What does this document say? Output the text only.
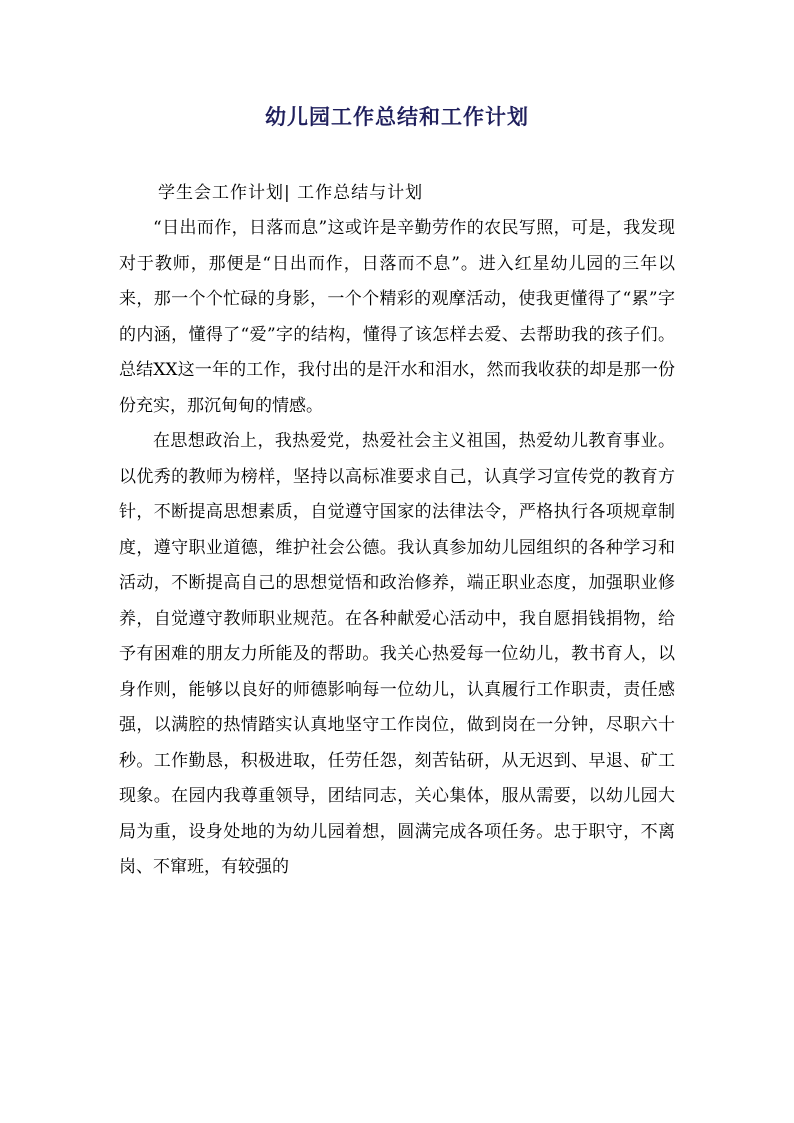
幼儿园工作总结和工作计划
学生会工作计划| 工作总结与计划

“日出而作，日落而息”这或许是辛勤劳作的农民写照，可是，我发现对于教师，那便是“日出而作，日落而不息”。进入红星幼儿园的三年以来，那一个个忙碌的身影，一个个精彩的观摩活动，使我更懂得了“累”字的内涵，懂得了“爱”字的结构，懂得了该怎样去爱、去帮助我的孩子们。总结XX这一年的工作，我付出的是汗水和泪水，然而我收获的却是那一份份充实，那沉甸甸的情感。

在思想政治上，我热爱党，热爱社会主义祖国，热爱幼儿教育事业。以优秀的教师为榜样，坚持以高标准要求自己，认真学习宣传党的教育方针，不断提高思想素质，自觉遵守国家的法律法令，严格执行各项规章制度，遵守职业道德，维护社会公德。我认真参加幼儿园组织的各种学习和活动，不断提高自己的思想觉悟和政治修养，端正职业态度，加强职业修养，自觉遵守教师职业规范。在各种献爱心活动中，我自愿捐钱捐物，给予有困难的朋友力所能及的帮助。我关心热爱每一位幼儿，教书育人，以身作则，能够以良好的师德影响每一位幼儿，认真履行工作职责，责任感强，以满腔的热情踏实认真地坚守工作岗位，做到岗在一分钟，尽职六十秒。工作勤恳，积极进取，任劳任怨，刻苦钻研，从无迟到、早退、矿工现象。在园内我尊重领导，团结同志，关心集体，服从需要，以幼儿园大局为重，设身处地的为幼儿园着想，圆满完成各项任务。忠于职守，不离岗、不窜班，有较强的
